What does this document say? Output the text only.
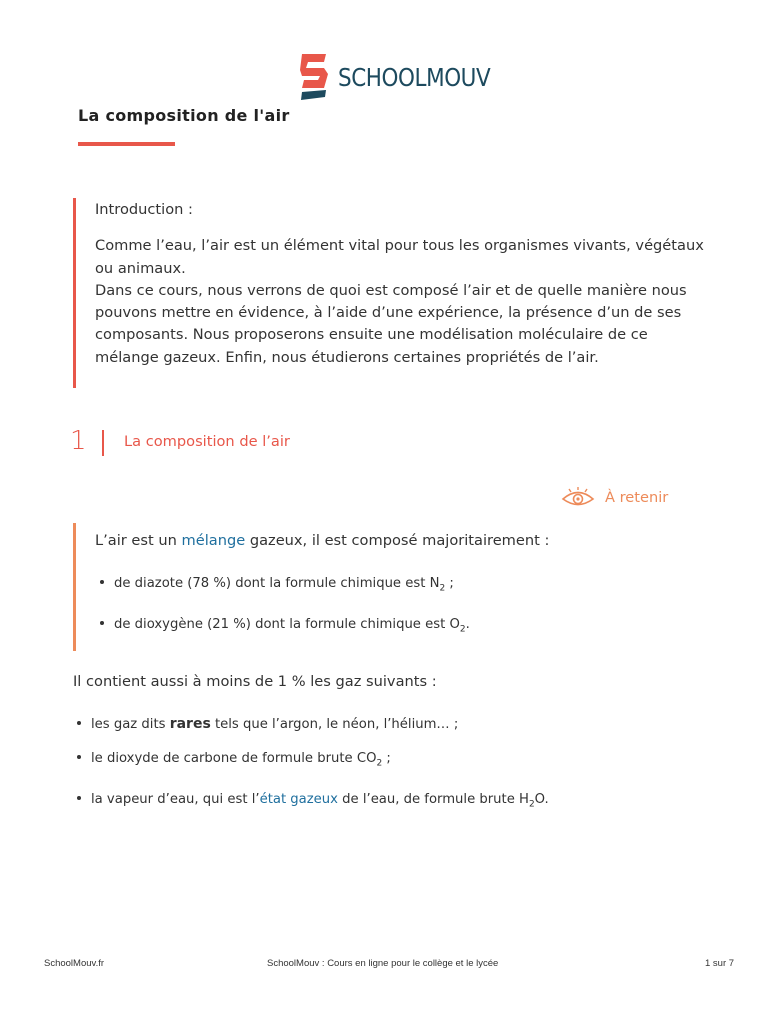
SCHOOLMOUV
La composition de l'air

Introduction :

Comme l’eau, l’air est un élément vital pour tous les organismes vivants, végétaux ou animaux.

Dans ce cours, nous verrons de quoi est composé l’air et de quelle manière nous pouvons mettre en évidence, à l’aide d’une expérience, la présence d’un de ses composants. Nous proposerons ensuite une modélisation moléculaire de ce mélange gazeux. Enfin, nous étudierons certaines propriétés de l’air.

1	La composition de l’air
À retenir
L’air est un mélange gazeux, il est composé majoritairement :
de diazote (78 %) dont la formule chimique est $N_2$ ;
de dioxygène (21 %) dont la formule chimique est $O_2$.
Il contient aussi à moins de 1 % les gaz suivants :
les gaz dits rares tels que l’argon, le néon, l’hélium… ;
le dioxyde de carbone de formule brute $CO_2$ ;
la vapeur d’eau, qui est l’état gazeux de l’eau, de formule brute $H_2O$.
SchoolMouv.fr	SchoolMouv : Cours en ligne pour le collège et le lycée	1 sur 7
